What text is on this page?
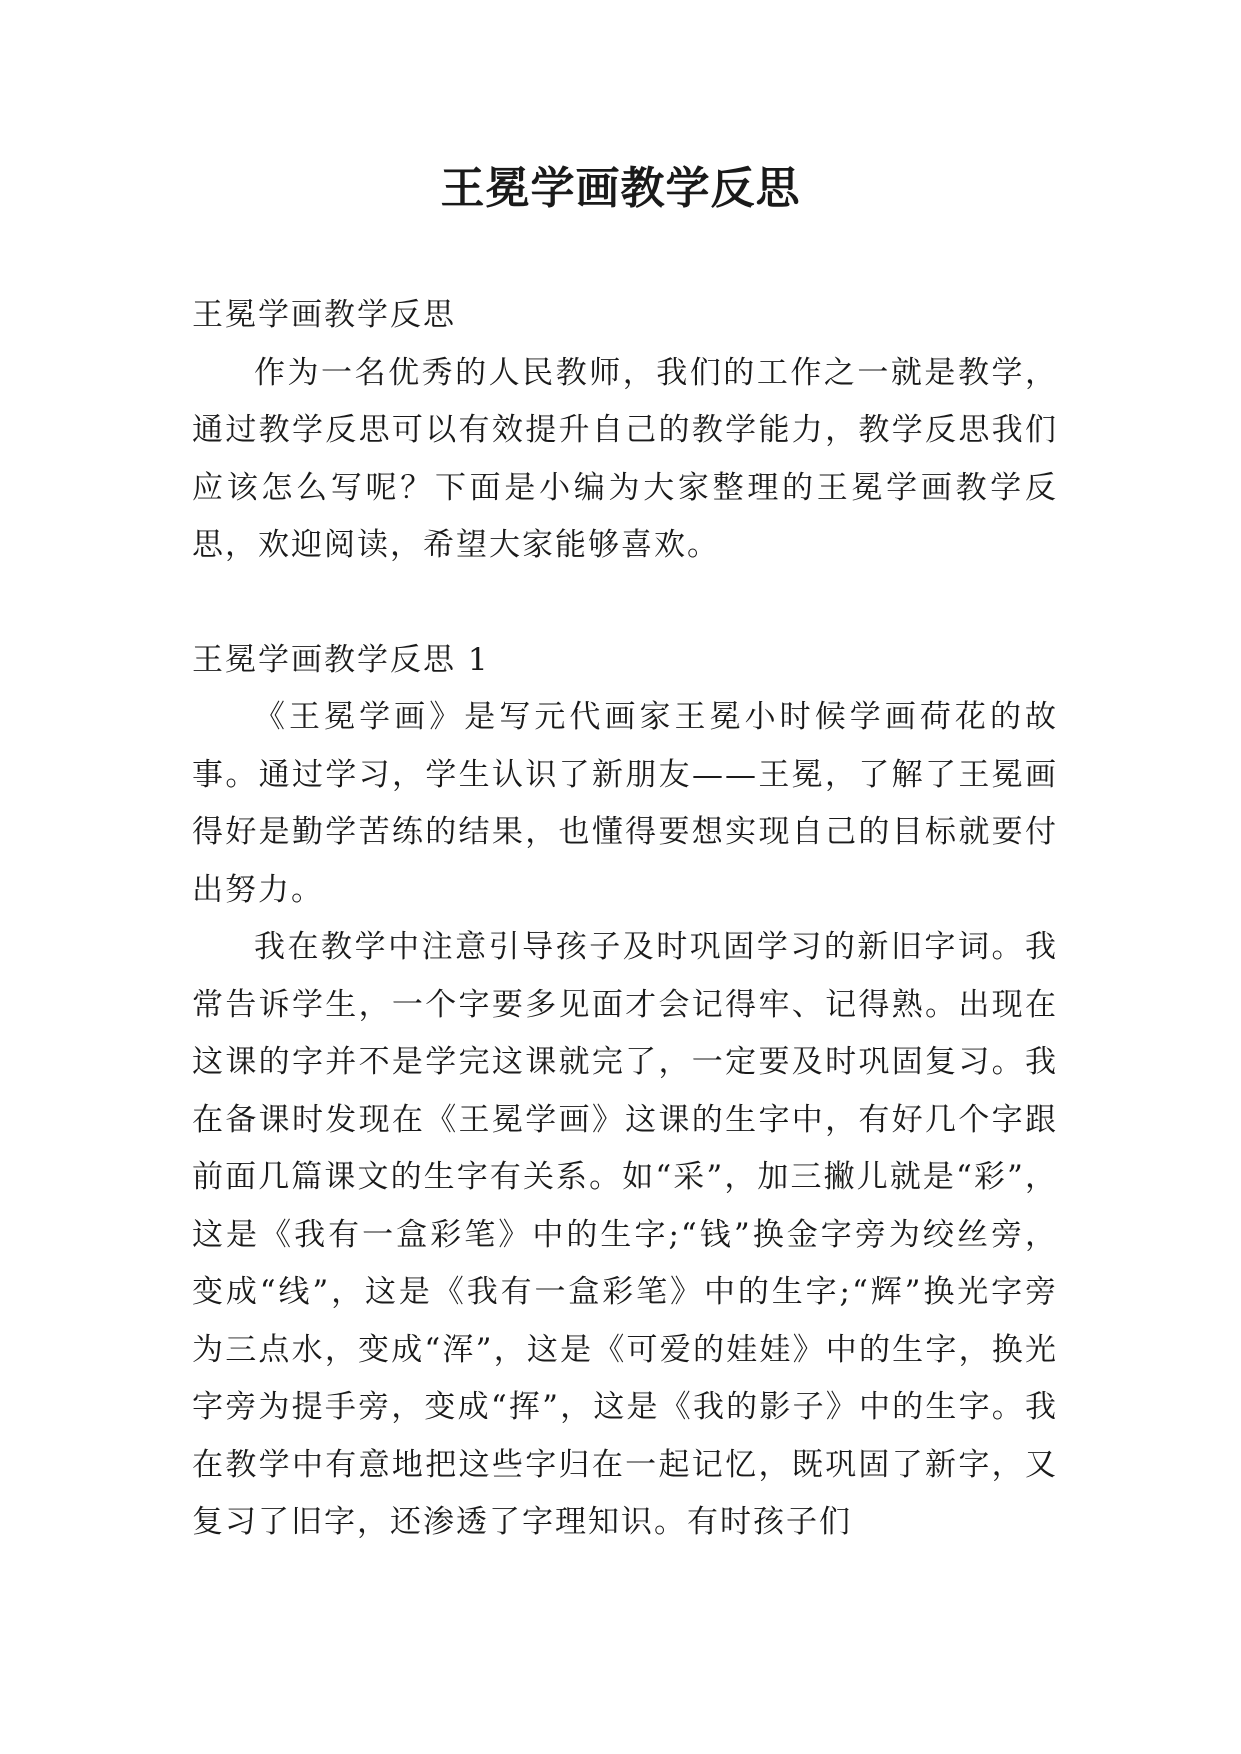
王冕学画教学反思

王冕学画教学反思

作为一名优秀的人民教师，我们的工作之一就是教学，通过教学反思可以有效提升自己的教学能力，教学反思我们应该怎么写呢？下面是小编为大家整理的王冕学画教学反思，欢迎阅读，希望大家能够喜欢。

王冕学画教学反思 1

《王冕学画》是写元代画家王冕小时候学画荷花的故事。通过学习，学生认识了新朋友——王冕，了解了王冕画得好是勤学苦练的结果，也懂得要想实现自己的目标就要付出努力。

我在教学中注意引导孩子及时巩固学习的新旧字词。我常告诉学生，一个字要多见面才会记得牢、记得熟。出现在这课的字并不是学完这课就完了，一定要及时巩固复习。我在备课时发现在《王冕学画》这课的生字中，有好几个字跟前面几篇课文的生字有关系。如“采”，加三撇儿就是“彩”，这是《我有一盒彩笔》中的生字;“钱”换金字旁为绞丝旁，变成“线”，这是《我有一盒彩笔》中的生字;“辉”换光字旁为三点水，变成“浑”，这是《可爱的娃娃》中的生字，换光字旁为提手旁，变成“挥”，这是《我的影子》中的生字。我在教学中有意地把这些字归在一起记忆，既巩固了新字，又复习了旧字，还渗透了字理知识。有时孩子们
